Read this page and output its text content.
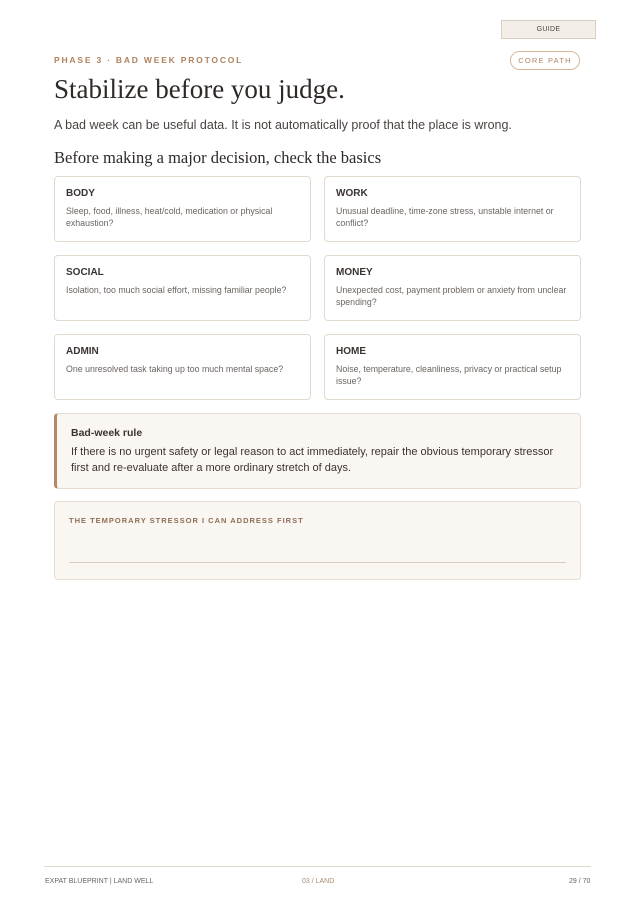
GUIDE
CORE PATH
PHASE 3 · BAD WEEK PROTOCOL
Stabilize before you judge.
A bad week can be useful data. It is not automatically proof that the place is wrong.
Before making a major decision, check the basics
BODY
Sleep, food, illness, heat/cold, medication or physical exhaustion?
WORK
Unusual deadline, time-zone stress, unstable internet or conflict?
SOCIAL
Isolation, too much social effort, missing familiar people?
MONEY
Unexpected cost, payment problem or anxiety from unclear spending?
ADMIN
One unresolved task taking up too much mental space?
HOME
Noise, temperature, cleanliness, privacy or practical setup issue?
Bad-week rule
If there is no urgent safety or legal reason to act immediately, repair the obvious temporary stressor first and re-evaluate after a more ordinary stretch of days.
THE TEMPORARY STRESSOR I CAN ADDRESS FIRST
EXPAT BLUEPRINT | LAND WELL	03 / LAND	29 / 70
